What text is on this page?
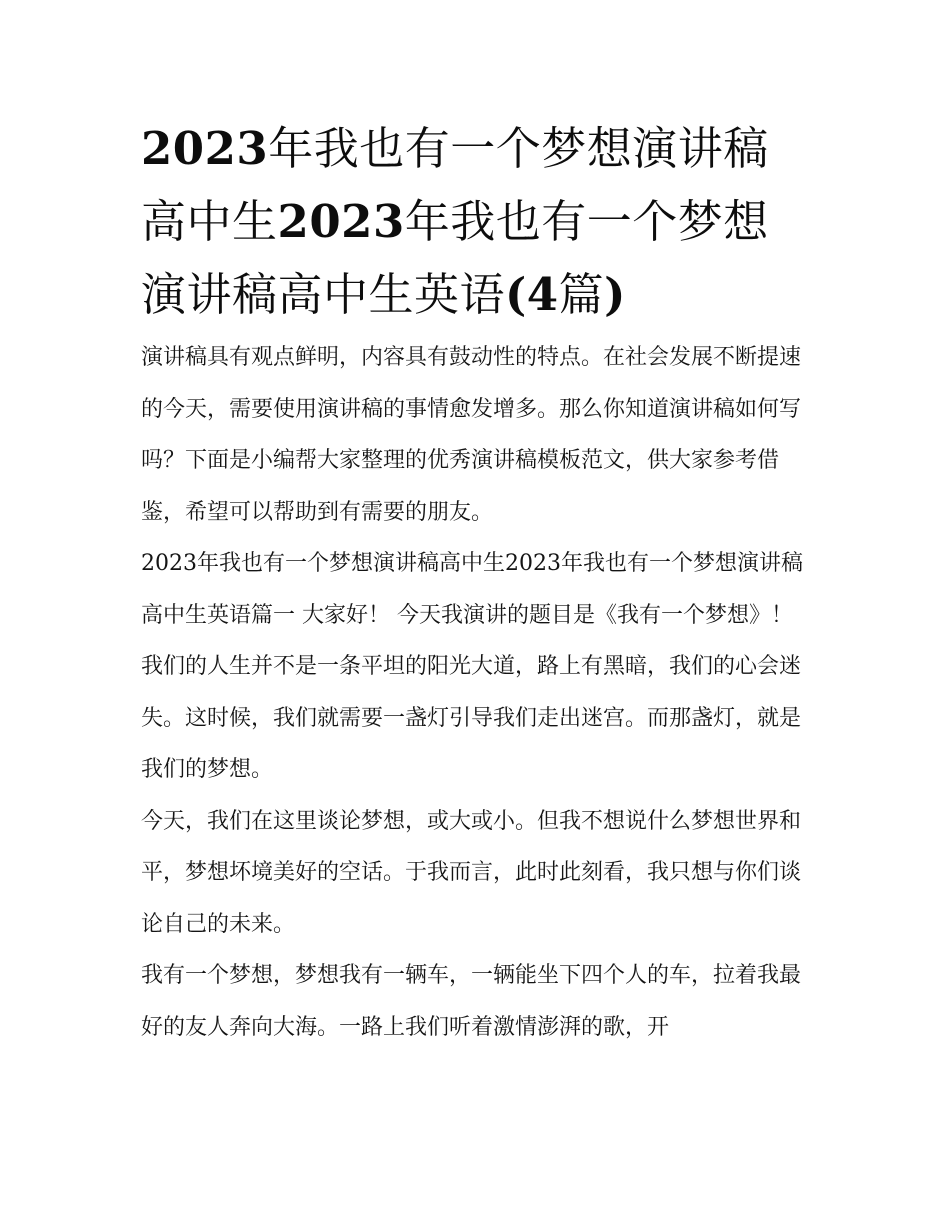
2023年我也有一个梦想演讲稿高中生2023年我也有一个梦想演讲稿高中生英语(4篇)

演讲稿具有观点鲜明，内容具有鼓动性的特点。在社会发展不断提速的今天，需要使用演讲稿的事情愈发增多。那么你知道演讲稿如何写吗？下面是小编帮大家整理的优秀演讲稿模板范文，供大家参考借鉴，希望可以帮助到有需要的朋友。

2023年我也有一个梦想演讲稿高中生2023年我也有一个梦想演讲稿高中生英语篇一 大家好！ 今天我演讲的题目是《我有一个梦想》！

我们的人生并不是一条平坦的阳光大道，路上有黑暗，我们的心会迷失。这时候，我们就需要一盏灯引导我们走出迷宫。而那盏灯，就是我们的梦想。

今天，我们在这里谈论梦想，或大或小。但我不想说什么梦想世界和平，梦想坏境美好的空话。于我而言，此时此刻看，我只想与你们谈论自己的未来。

我有一个梦想，梦想我有一辆车，一辆能坐下四个人的车，拉着我最好的友人奔向大海。一路上我们听着激情澎湃的歌，开
